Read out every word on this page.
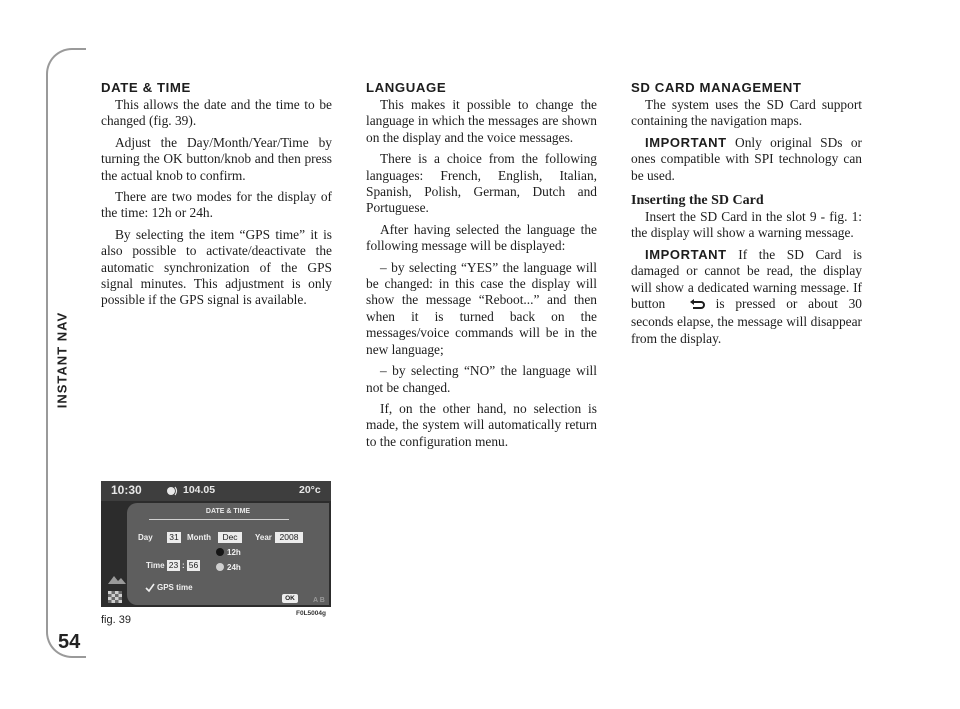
INSTANT NAV
54
DATE & TIME

This allows the date and the time to be changed (fig. 39).

Adjust the Day/Month/Year/Time by turning the OK button/knob and then press the actual knob to confirm.

There are two modes for the display of the time: 12h or 24h.

By selecting the item “GPS time” it is also possible to activate/deactivate the automatic synchronization of the GPS signal minutes. This adjustment is only possible if the GPS signal is available.

LANGUAGE

This makes it possible to change the language in which the messages are shown on the display and the voice messages.

There is a choice from the following languages: French, English, Italian, Spanish, Polish, German, Dutch and Portuguese.

After having selected the language the following message will be displayed:

– by selecting “YES” the language will be changed: in this case the display will show the message “Reboot...” and then when it is turned back on the messages/voice commands will be in the new language;

– by selecting “NO” the language will not be changed.

If, on the other hand, no selection is made, the system will automatically return to the configuration menu.

SD CARD MANAGEMENT

The system uses the SD Card support containing the navigation maps.

IMPORTANT Only original SDs or ones compatible with SPI technology can be used.

Inserting the SD Card

Insert the SD Card in the slot 9 - fig. 1: the display will show a warning message.

IMPORTANT If the SD Card is damaged or cannot be read, the display will show a dedicated warning message. If button  is pressed or about 30 seconds elapse, the message will disappear from the display.

10:30	104.05	20°c
DATE & TIME
Day 31 Month	Dec	Year 2008
Time 23 : 56
12h
24h
GPS time
OK	A B
fig. 39
F0L5004g
